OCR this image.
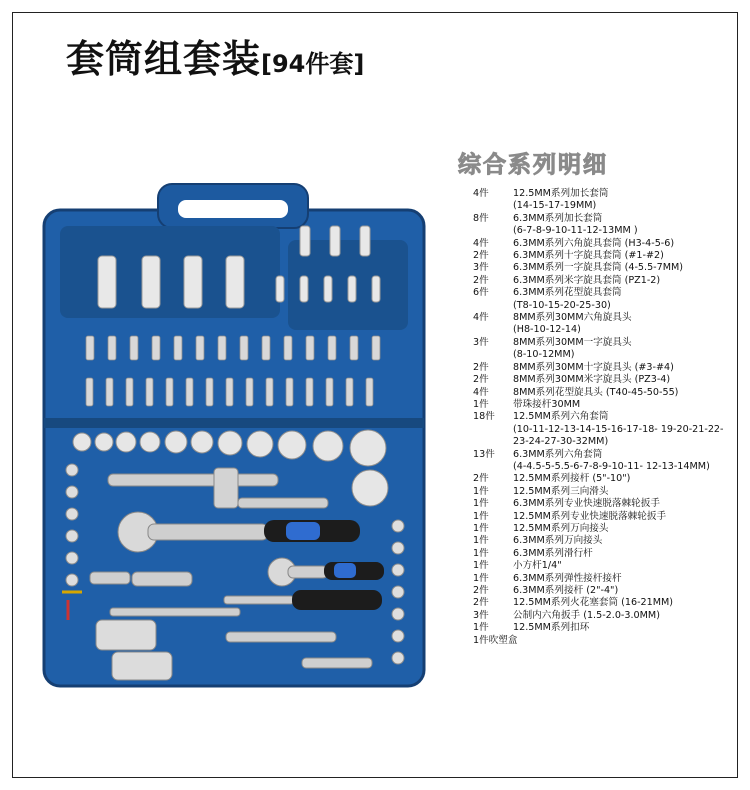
套筒组套装[94件套]
综合系列明细
4件	12.5MM系列加长套筒
(14-15-17-19MM)
8件	6.3MM系列加长套筒
(6-7-8-9-10-11-12-13MM )
4件	6.3MM系列六角旋具套筒 (H3-4-5-6)
2件	6.3MM系列十字旋具套筒 (#1-#2)
3件	6.3MM系列一字旋具套筒 (4-5.5-7MM)
2件	6.3MM系列米字旋具套筒 (PZ1-2)
6件	6.3MM系列花型旋具套筒
(T8-10-15-20-25-30)
4件	8MM系列30MM六角旋具头
(H8-10-12-14)
3件	8MM系列30MM一字旋具头
(8-10-12MM)
2件	8MM系列30MM十字旋具头 (#3-#4)
2件	8MM系列30MM米字旋具头 (PZ3-4)
4件	8MM系列花型旋具头 (T40-45-50-55)
1件	带珠接杆30MM
18件 12.5MM系列六角套筒
(10-11-12-13-14-15-16-17-18- 19-20-21-22-23-24-27-30-32MM)
13件 6.3MM系列六角套筒
(4-4.5-5-5.5-6-7-8-9-10-11- 12-13-14MM)
2件	12.5MM系列接杆 (5"-10")
1件	12.5MM系列三向滑头
1件	6.3MM系列专业快速脱落棘轮扳手
1件	12.5MM系列专业快速脱落棘轮扳手
1件	12.5MM系列万向接头
1件	6.3MM系列万向接头
1件	6.3MM系列滑行杆
1件	小方杆1/4"
1件	6.3MM系列弹性接杆接杆
2件	6.3MM系列接杆 (2"-4")
2件	12.5MM系列火花塞套筒 (16-21MM)
3件	公制内六角扳手 (1.5-2.0-3.0MM)
1件	12.5MM系列扣环
1件吹塑盒
